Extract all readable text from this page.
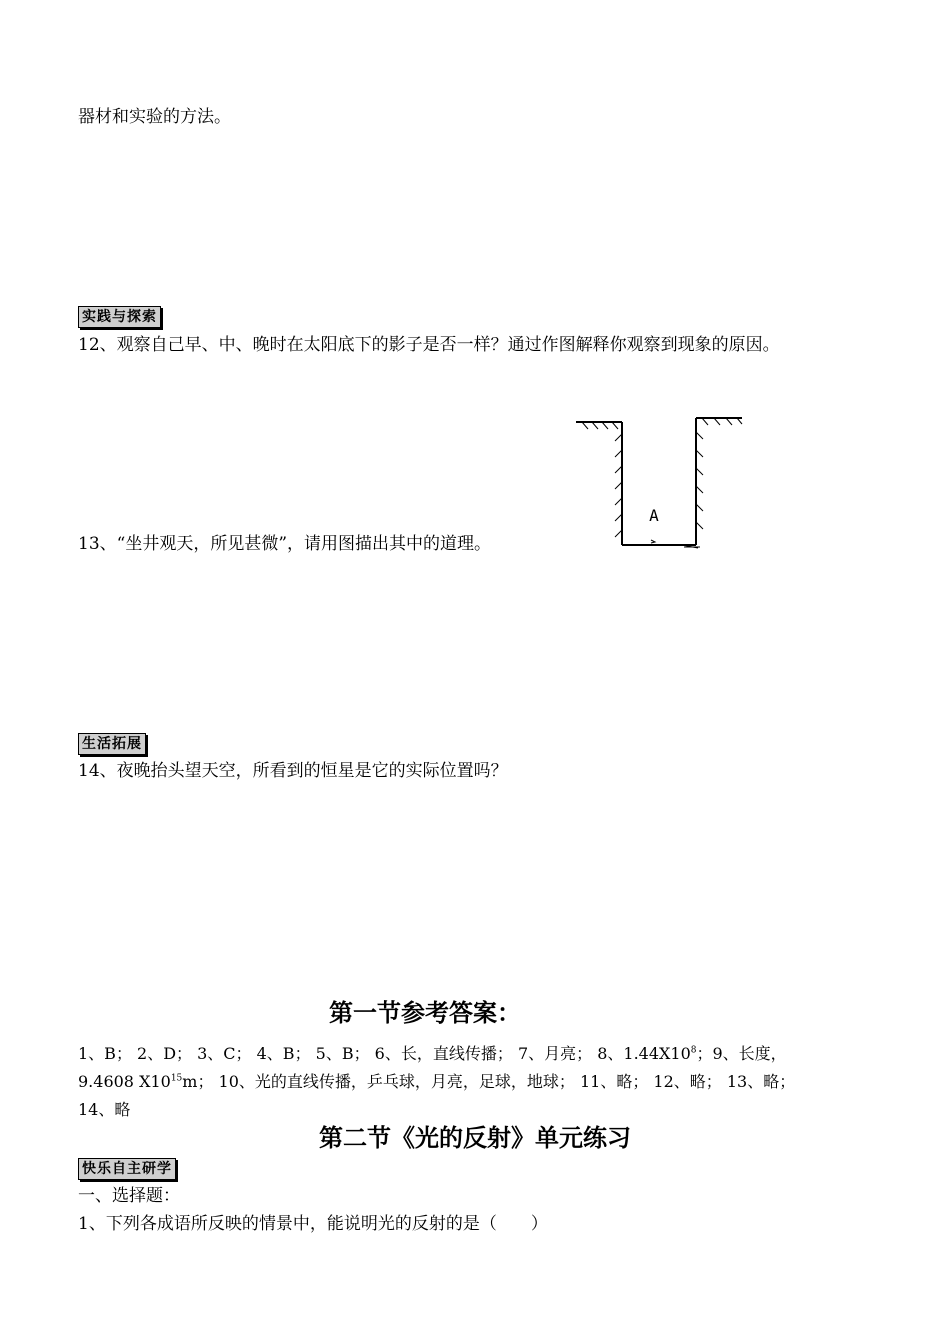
器材和实验的方法。
实践与探索
12、观察自己早、中、晚时在太阳底下的影子是否一样？通过作图解释你观察到现象的原因。
13、“坐井观天，所见甚微”，请用图描出其中的道理。
A
生活拓展
14、夜晚抬头望天空，所看到的恒星是它的实际位置吗？
第一节参考答案：
1、B； 2、D； 3、C； 4、B； 5、B； 6、长，直线传播； 7、月亮； 8、$1.44X10^8$；9、长度，
9.4608 $X10^{15}m$； 10、光的直线传播，乒乓球，月亮，足球，地球； 11、略； 12、略； 13、略；
14、略
第二节《光的反射》单元练习
快乐自主研学
一、选择题：
1、下列各成语所反映的情景中，能说明光的反射的是（　　）
